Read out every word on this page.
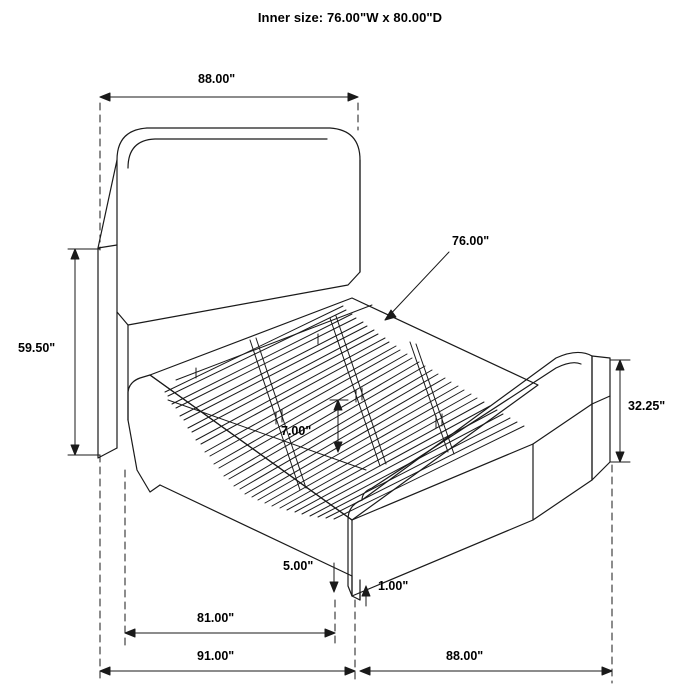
Inner size: 76.00"W x 80.00"D
88.00"
59.50"
76.00"
32.25"
7.00"
5.00"
1.00"
81.00"
91.00"	88.00"
